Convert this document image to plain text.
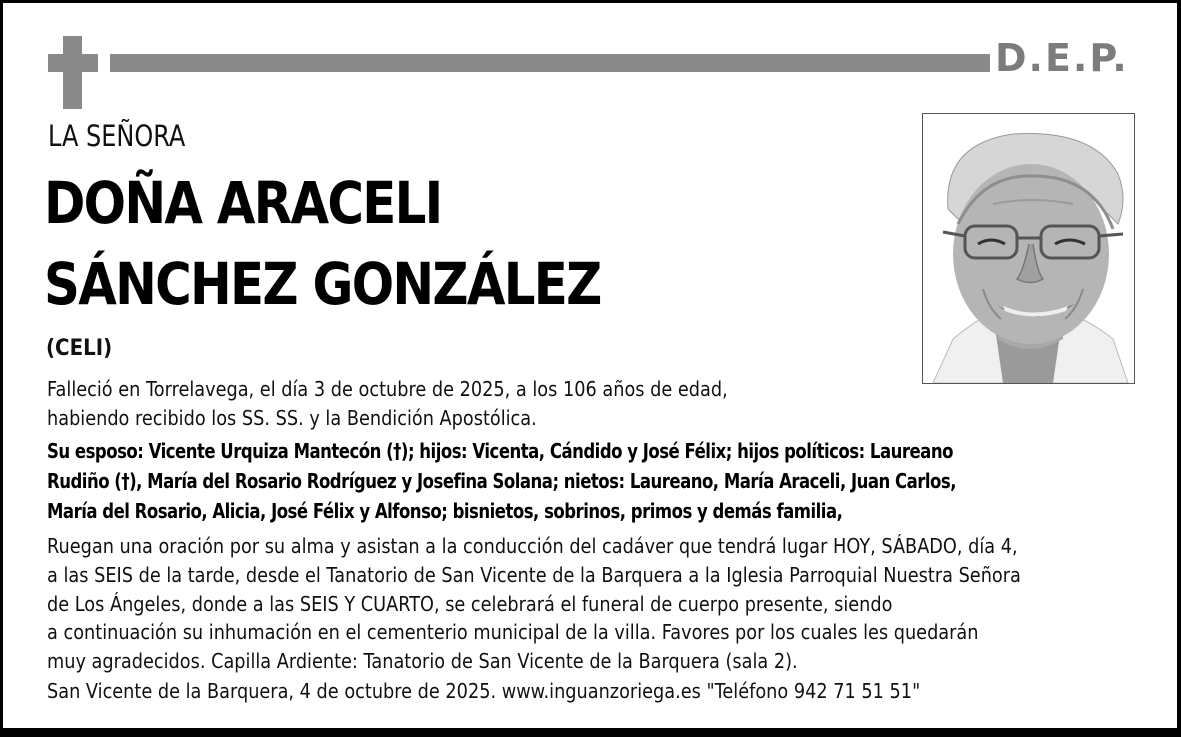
D.E.P.
LA SEÑORA
DOÑA ARACELI
SÁNCHEZ GONZÁLEZ
(CELI)
Falleció en Torrelavega, el día 3 de octubre de 2025, a los 106 años de edad,
habiendo recibido los SS. SS. y la Bendición Apostólica.
Su esposo: Vicente Urquiza Mantecón (†); hijos: Vicenta, Cándido y José Félix; hijos políticos: Laureano
Rudiño (†), María del Rosario Rodríguez y Josefina Solana; nietos: Laureano, María Araceli, Juan Carlos,
María del Rosario, Alicia, José Félix y Alfonso; bisnietos, sobrinos, primos y demás familia,
Ruegan una oración por su alma y asistan a la conducción del cadáver que tendrá lugar HOY, SÁBADO, día 4,
a las SEIS de la tarde, desde el Tanatorio de San Vicente de la Barquera a la Iglesia Parroquial Nuestra Señora
de Los Ángeles, donde a las SEIS Y CUARTO, se celebrará el funeral de cuerpo presente, siendo
a continuación su inhumación en el cementerio municipal de la villa. Favores por los cuales les quedarán
muy agradecidos. Capilla Ardiente: Tanatorio de San Vicente de la Barquera (sala 2).
San Vicente de la Barquera, 4 de octubre de 2025. www.inguanzoriega.es "Teléfono 942 71 51 51"
